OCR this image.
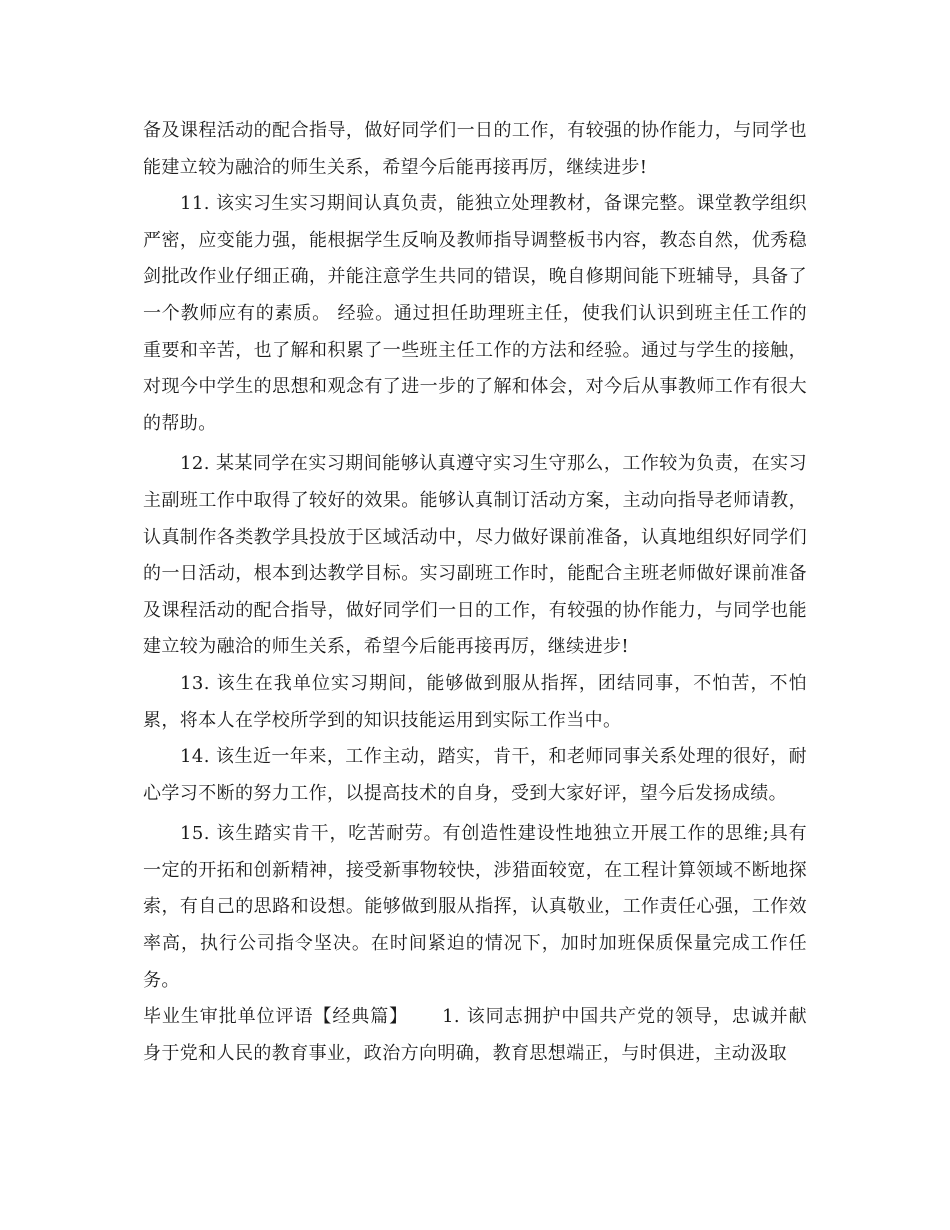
备及课程活动的配合指导，做好同学们一日的工作，有较强的协作能力，与同学也能建立较为融洽的师生关系，希望今后能再接再厉，继续进步!

11. 该实习生实习期间认真负责，能独立处理教材，备课完整。课堂教学组织严密，应变能力强，能根据学生反响及教师指导调整板书内容，教态自然，优秀稳剑批改作业仔细正确，并能注意学生共同的错误，晚自修期间能下班辅导，具备了一个教师应有的素质。 经验。通过担任助理班主任，使我们认识到班主任工作的重要和辛苦，也了解和积累了一些班主任工作的方法和经验。通过与学生的接触，对现今中学生的思想和观念有了进一步的了解和体会，对今后从事教师工作有很大的帮助。

12. 某某同学在实习期间能够认真遵守实习生守那么，工作较为负责，在实习主副班工作中取得了较好的效果。能够认真制订活动方案，主动向指导老师请教，认真制作各类教学具投放于区域活动中，尽力做好课前准备，认真地组织好同学们的一日活动，根本到达教学目标。实习副班工作时，能配合主班老师做好课前准备及课程活动的配合指导，做好同学们一日的工作，有较强的协作能力，与同学也能建立较为融洽的师生关系，希望今后能再接再厉，继续进步!

13. 该生在我单位实习期间，能够做到服从指挥，团结同事，不怕苦，不怕累，将本人在学校所学到的知识技能运用到实际工作当中。

14. 该生近一年来，工作主动，踏实，肯干，和老师同事关系处理的很好，耐心学习不断的努力工作，以提高技术的自身，受到大家好评，望今后发扬成绩。

15. 该生踏实肯干，吃苦耐劳。有创造性建设性地独立开展工作的思维;具有一定的开拓和创新精神，接受新事物较快，涉猎面较宽，在工程计算领域不断地探索，有自己的思路和设想。能够做到服从指挥，认真敬业，工作责任心强，工作效率高，执行公司指令坚决。在时间紧迫的情况下，加时加班保质保量完成工作任务。

毕业生审批单位评语【经典篇】 1. 该同志拥护中国共产党的领导，忠诚并献身于党和人民的教育事业，政治方向明确，教育思想端正，与时俱进，主动汲取
